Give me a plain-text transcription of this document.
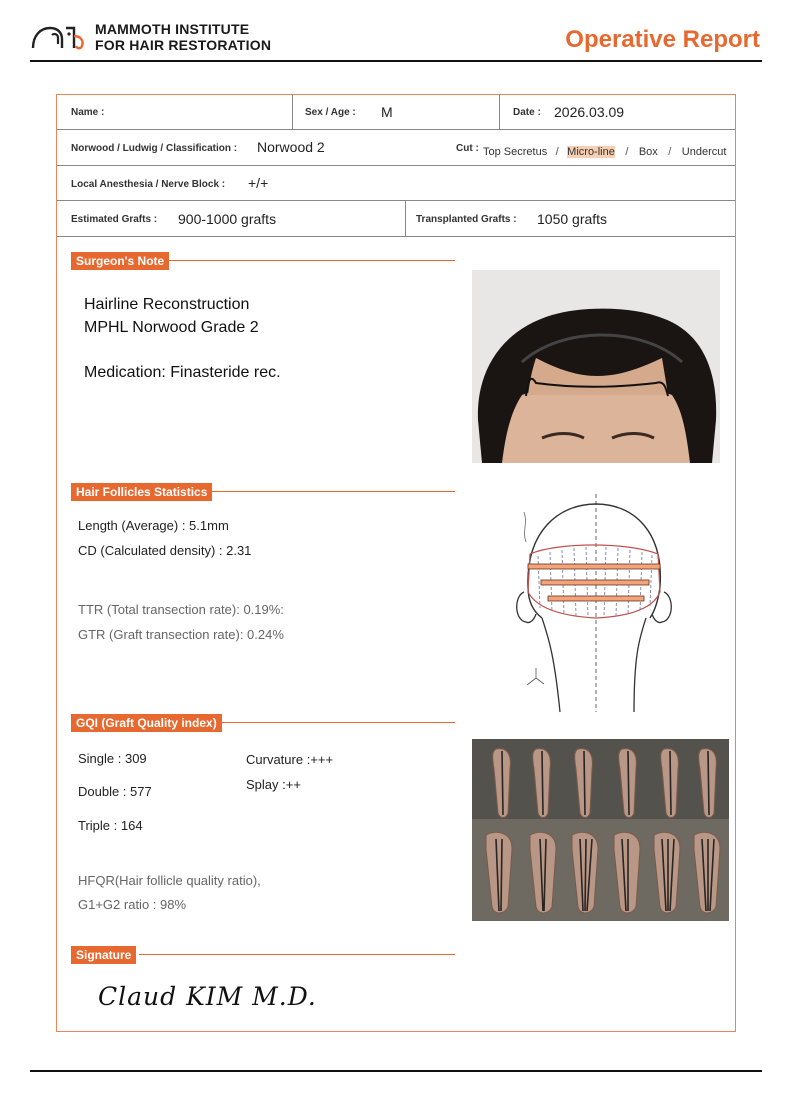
MAMMOTH INSTITUTE
FOR HAIR RESTORATION	Operative Report
Name :	Sex / Age : M	Date : 2026.03.09
Norwood / Ludwig / Classification : Norwood 2	Cut : Top Secretus / Micro-line / Box / Undercut
Local Anesthesia / Nerve Block : +/+
Estimated Grafts : 900-1000 grafts	Transplanted Grafts : 1050 grafts
Surgeon's Note
Hairline Reconstruction
MPHL Norwood Grade 2
Medication: Finasteride rec.
Hair Follicles Statistics
Length (Average) : 5.1mm
CD (Calculated density) : 2.31
TTR (Total transection rate): 0.19%:
GTR (Graft transection rate): 0.24%
GQI (Graft Quality index)
Single : 309
Double : 577
Triple : 164
Curvature :+++
Splay :++
HFQR(Hair follicle quality ratio),
G1+G2 ratio : 98%
Signature
Claud KIM M.D.
